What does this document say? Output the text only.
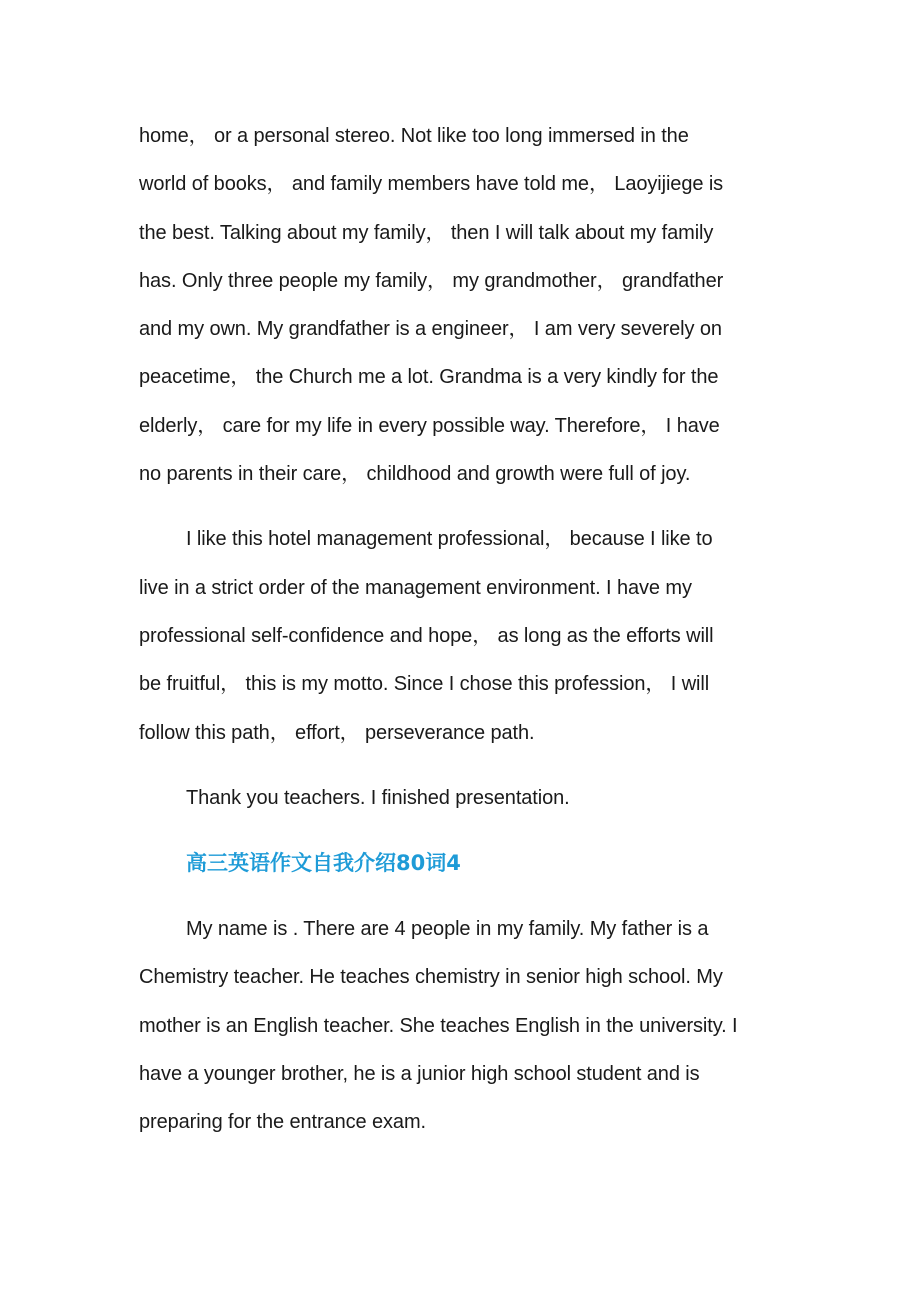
home， or a personal stereo. Not like too long immersed in the
world of books， and family members have told me， Laoyijiege is
the best. Talking about my family， then I will talk about my family
has. Only three people my family， my grandmother， grandfather
and my own. My grandfather is a engineer， I am very severely on
peacetime， the Church me a lot. Grandma is a very kindly for the
elderly， care for my life in every possible way. Therefore， I have
no parents in their care， childhood and growth were full of joy.
I like this hotel management professional， because I like to
live in a strict order of the management environment. I have my
professional self-confidence and hope， as long as the efforts will
be fruitful， this is my motto. Since I chose this profession， I will
follow this path， effort， perseverance path.
Thank you teachers. I finished presentation.
高三英语作文自我介绍80词4
My name is . There are 4 people in my family. My father is a
Chemistry teacher. He teaches chemistry in senior high school. My
mother is an English teacher. She teaches English in the university. I
have a younger brother, he is a junior high school student and is
preparing for the entrance exam.
